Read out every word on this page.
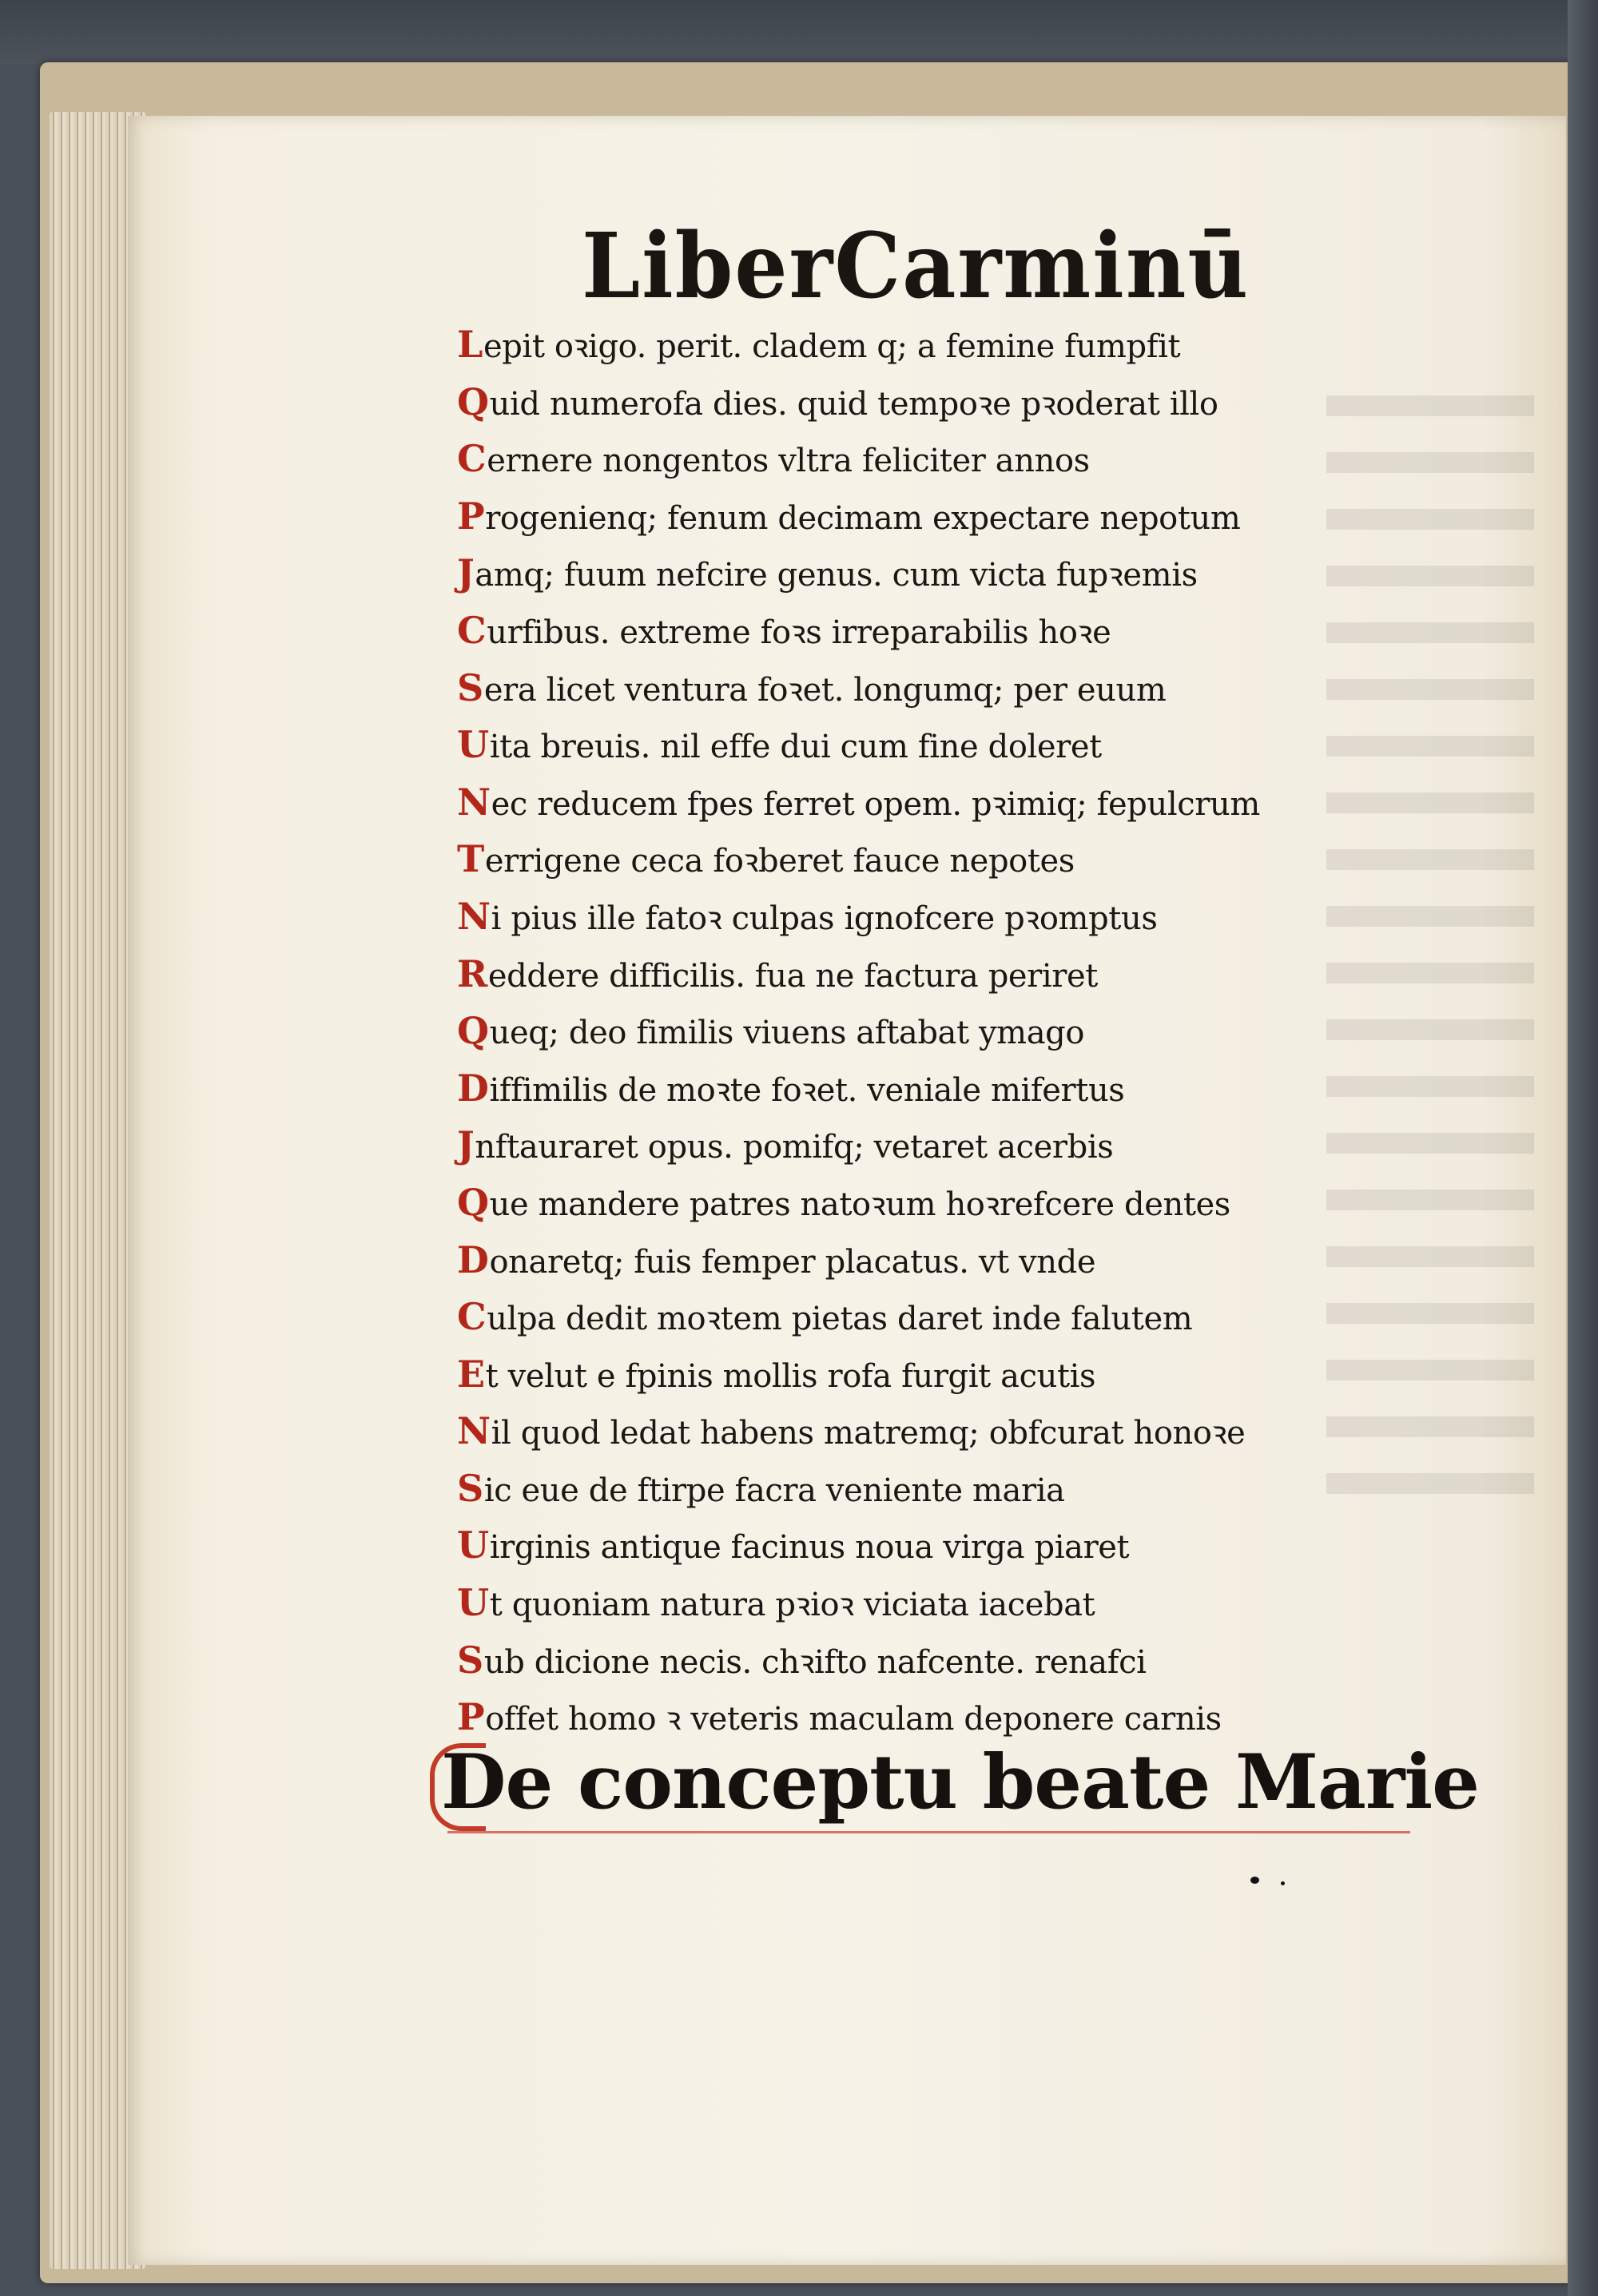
Liber Carminū
Lepit oꝛigo. perit. cladem q; a femine fumpfit
Quid numerofa dies. quid tempoꝛe pꝛoderat illo
Cernere nongentos vltra feliciter annos
Progenienq; fenum decimam expectare nepotum
Jamq; fuum nefcire genus. cum victa fupꝛemis
Curfibus. extreme foꝛs irreparabilis hoꝛe
Sera licet ventura foꝛet. longumq; per euum
Uita breuis. nil effe dui cum fine doleret
Nec reducem fpes ferret opem. pꝛimiq; fepulcrum
Terrigene ceca foꝛberet fauce nepotes
Ni pius ille fatoꝛ culpas ignofcere pꝛomptus
Reddere difficilis. fua ne factura periret
Queq; deo fimilis viuens aftabat ymago
Diffimilis de moꝛte foꝛet. veniale mifertus
Jnftauraret opus. pomifq; vetaret acerbis
Que mandere patres natoꝛum hoꝛrefcere dentes
Donaretq; fuis femper placatus. vt vnde
Culpa dedit moꝛtem pietas daret inde falutem
Et velut e fpinis mollis rofa furgit acutis
Nil quod ledat habens matremq; obfcurat honoꝛe
Sic eue de ftirpe facra veniente maria
Uirginis antique facinus noua virga piaret
Ut quoniam natura pꝛioꝛ viciata iacebat
Sub dicione necis. chꝛifto nafcente. renafci
Poffet homo ꝛ veteris maculam deponere carnis
De conceptu beate Marie
